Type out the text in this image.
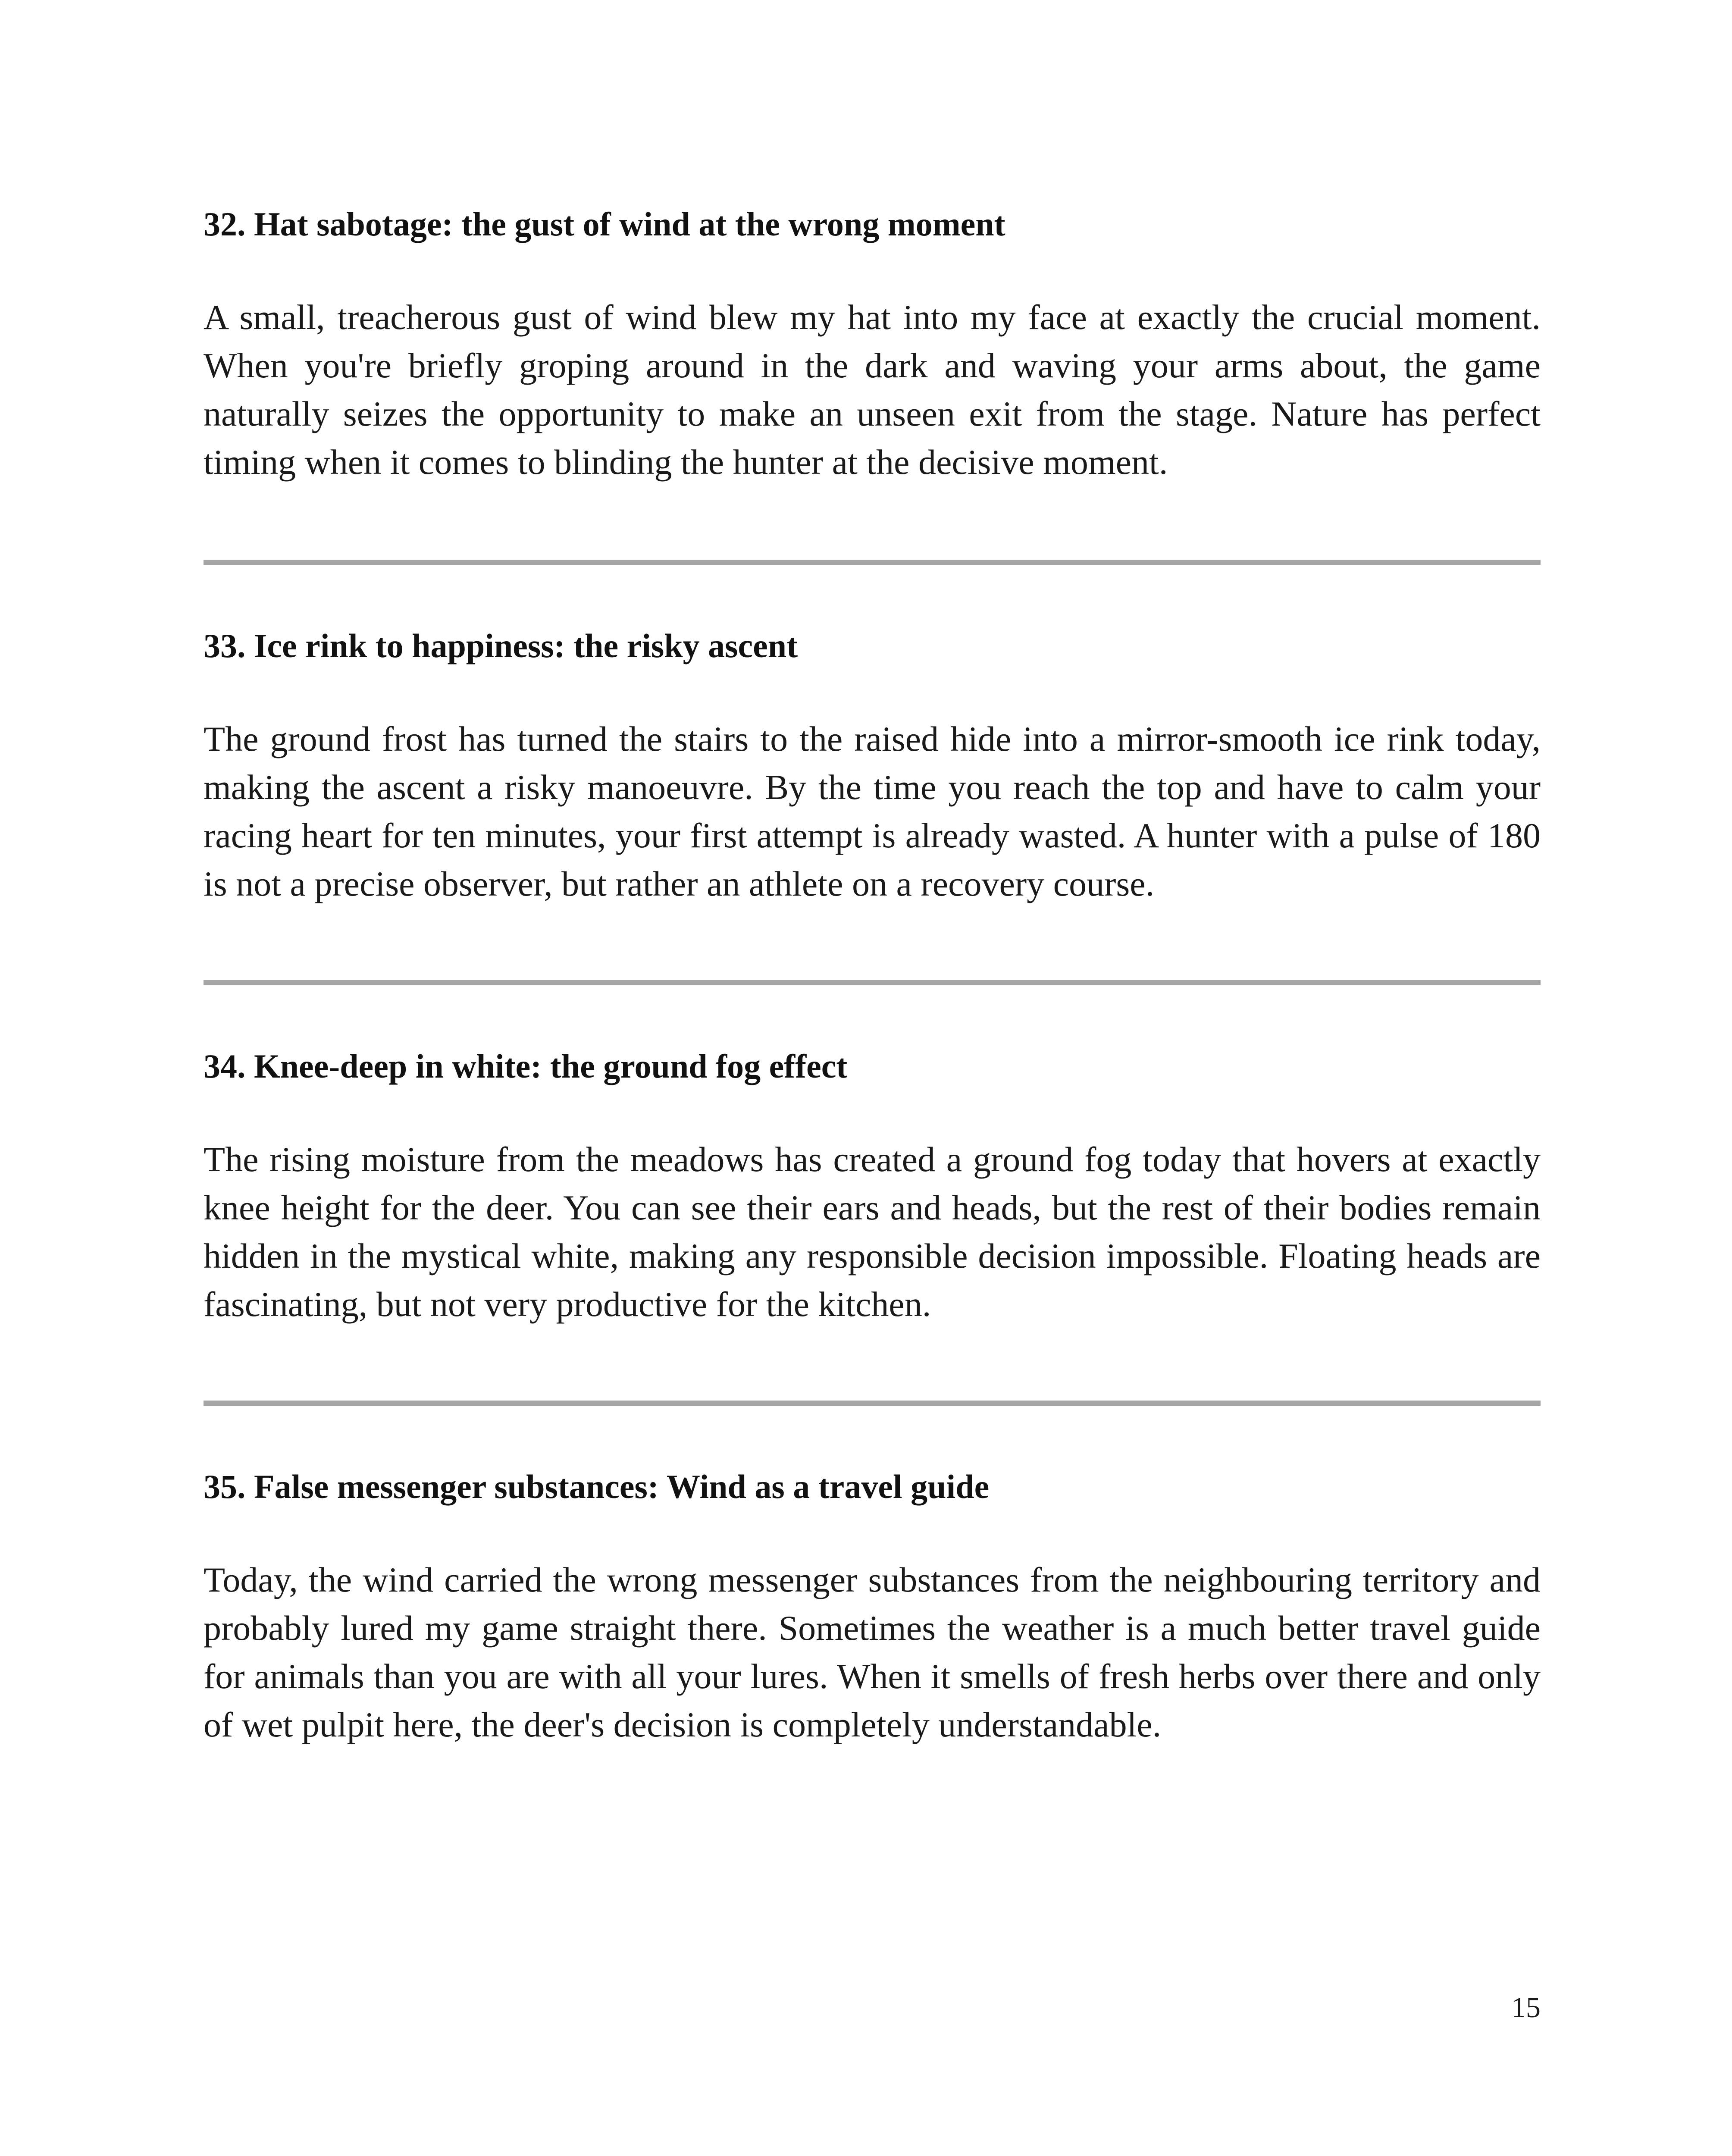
32. Hat sabotage: the gust of wind at the wrong moment

A small, treacherous gust of wind blew my hat into my face at exactly the crucial moment. When you're briefly groping around in the dark and waving your arms about, the game naturally seizes the opportunity to make an unseen exit from the stage. Nature has perfect timing when it comes to blinding the hunter at the decisive moment.

33. Ice rink to happiness: the risky ascent

The ground frost has turned the stairs to the raised hide into a mirror-smooth ice rink today, making the ascent a risky manoeuvre. By the time you reach the top and have to calm your racing heart for ten minutes, your first attempt is already wasted. A hunter with a pulse of 180 is not a precise observer, but rather an athlete on a recovery course.

34. Knee-deep in white: the ground fog effect

The rising moisture from the meadows has created a ground fog today that hovers at exactly knee height for the deer. You can see their ears and heads, but the rest of their bodies remain hidden in the mystical white, making any responsible decision impossible. Floating heads are fascinating, but not very productive for the kitchen.

35. False messenger substances: Wind as a travel guide

Today, the wind carried the wrong messenger substances from the neighbouring territory and probably lured my game straight there. Sometimes the weather is a much better travel guide for animals than you are with all your lures. When it smells of fresh herbs over there and only of wet pulpit here, the deer's decision is completely understandable.

15
